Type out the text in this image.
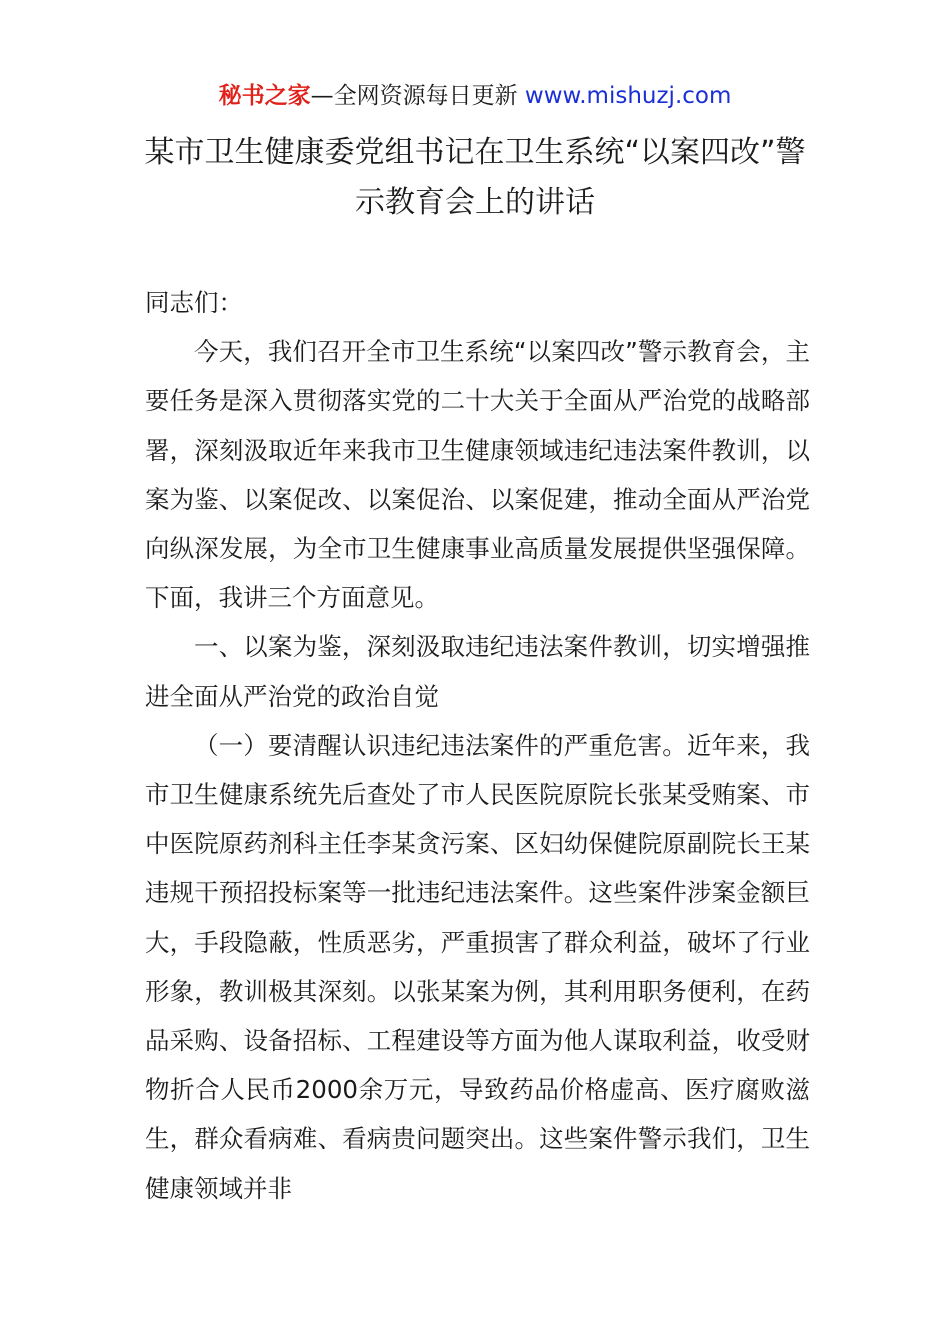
秘书之家—全网资源每日更新 www.mishuzj.com
某市卫生健康委党组书记在卫生系统“以案四改”警示教育会上的讲话

同志们：

今天，我们召开全市卫生系统“以案四改”警示教育会，主要任务是深入贯彻落实党的二十大关于全面从严治党的战略部署，深刻汲取近年来我市卫生健康领域违纪违法案件教训，以案为鉴、以案促改、以案促治、以案促建，推动全面从严治党向纵深发展，为全市卫生健康事业高质量发展提供坚强保障。下面，我讲三个方面意见。

一、以案为鉴，深刻汲取违纪违法案件教训，切实增强推进全面从严治党的政治自觉

（一）要清醒认识违纪违法案件的严重危害。近年来，我市卫生健康系统先后查处了市人民医院原院长张某受贿案、市中医院原药剂科主任李某贪污案、区妇幼保健院原副院长王某违规干预招投标案等一批违纪违法案件。这些案件涉案金额巨大，手段隐蔽，性质恶劣，严重损害了群众利益，破坏了行业形象，教训极其深刻。以张某案为例，其利用职务便利，在药品采购、设备招标、工程建设等方面为他人谋取利益，收受财物折合人民币2000余万元，导致药品价格虚高、医疗腐败滋生，群众看病难、看病贵问题突出。这些案件警示我们，卫生健康领域并非
